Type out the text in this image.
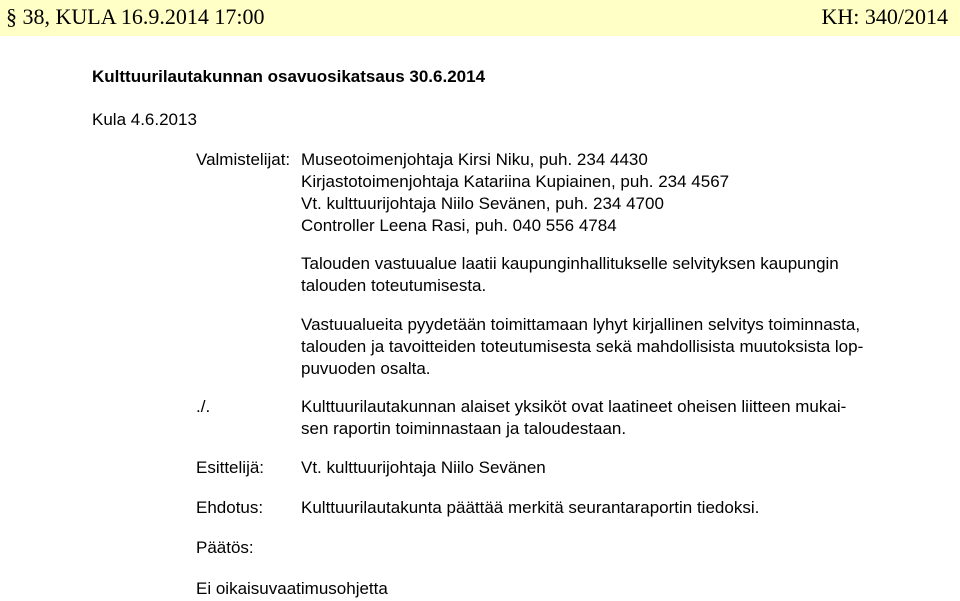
§ 38, KULA 16.9.2014 17:00	KH: 340/2014
Kulttuurilautakunnan osavuosikatsaus 30.6.2014
Kula 4.6.2013
Valmistelijat: Museotoimenjohtaja Kirsi Niku, puh. 234 4430
Kirjastotoimenjohtaja Katariina Kupiainen, puh. 234 4567
Vt. kulttuurijohtaja Niilo Sevänen, puh. 234 4700
Controller Leena Rasi, puh. 040 556 4784
Talouden vastuualue laatii kaupunginhallitukselle selvityksen kaupungin
talouden toteutumisesta.
Vastuualueita pyydetään toimittamaan lyhyt kirjallinen selvitys toiminnasta,
talouden ja tavoitteiden toteutumisesta sekä mahdollisista muutoksista lop-
puvuoden osalta.
./.	Kulttuurilautakunnan alaiset yksiköt ovat laatineet oheisen liitteen mukai-
sen raportin toiminnastaan ja taloudestaan.
Esittelijä: Vt. kulttuurijohtaja Niilo Sevänen
Ehdotus: Kulttuurilautakunta päättää merkitä seurantaraportin tiedoksi.
Päätös:
Ei oikaisuvaatimusohjetta
